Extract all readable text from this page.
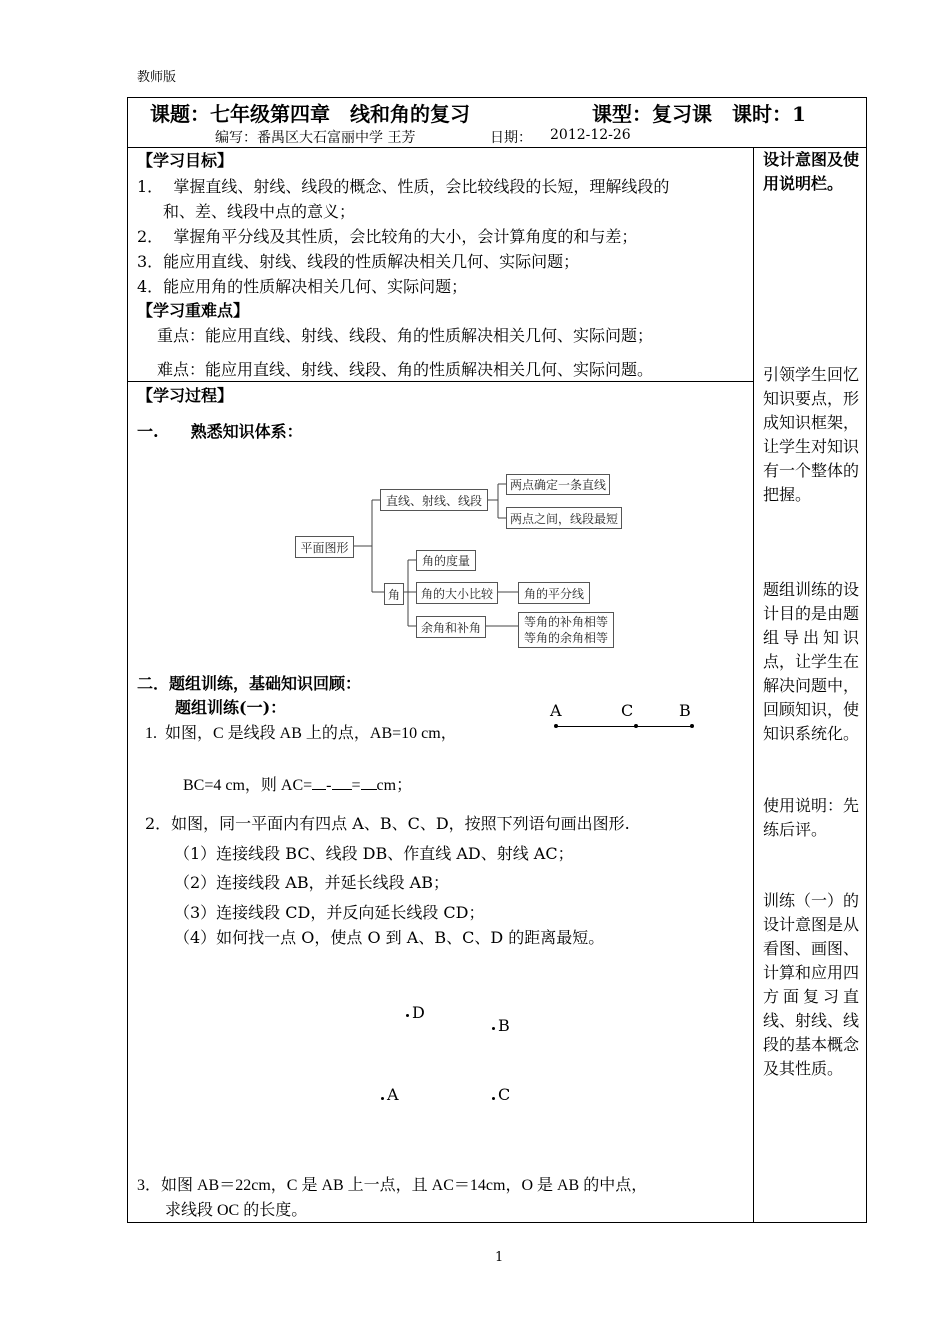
教师版
课题：七年级第四章　线和角的复习	课型：复习课　课时：1
编写：番禺区大石富丽中学 王芳	日期： 2012-12-26
【学习目标】
1．  掌握直线、射线、线段的概念、性质，会比较线段的长短，理解线段的
和、差、线段中点的意义；
2．  掌握角平分线及其性质，会比较角的大小，会计算角度的和与差；
3．能应用直线、射线、线段的性质解决相关几何、实际问题；
4．能应用角的性质解决相关几何、实际问题；
【学习重难点】
重点：能应用直线、射线、线段、角的性质解决相关几何、实际问题；
难点：能应用直线、射线、线段、角的性质解决相关几何、实际问题。
【学习过程】
一.　　熟悉知识体系：
平面图形
直线、射线、线段
两点确定一条直线
两点之间，线段最短
角
角的度量
角的大小比较	角的平分线
余角和补角	等角的补角相等
等角的余角相等
二．题组训练，基础知识回顾：
题组训练(一)：	A	C	B
1.  如图，C 是线段 AB 上的点，AB=10 cm，

BC=4 cm，则 AC= - = cm；

2．如图，同一平面内有四点 A、B、C、D，按照下列语句画出图形.
（1）连接线段 BC、线段 DB、作直线 AD、射线 AC；
（2）连接线段 AB，并延长线段 AB；
（3）连接线段 CD，并反向延长线段 CD；
（4）如何找一点 O，使点 O 到 A、B、C、D 的距离最短。
D
B
A	C
3．如图 AB＝22cm，C 是 AB 上一点，且 AC＝14cm，O 是 AB 的中点，
求线段 OC 的长度。
设计意图及使用说明栏。
引领学生回忆知识要点，形成知识框架，让学生对知识有一个整体的把握。
题组训练的设计目的是由题组导出知识点，让学生在解决问题中，回顾知识，使知识系统化。
使用说明：先练后评。
训练（一）的设计意图是从看图、画图、计算和应用四方面复习直线、射线、线段的基本概念及其性质。
1
